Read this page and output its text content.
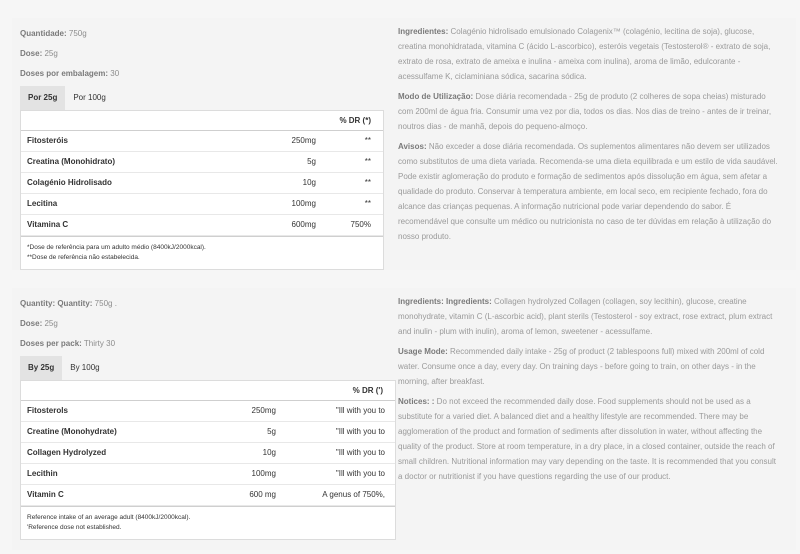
Quantidade: 750g
Dose: 25g
Doses por embalagem: 30
Por 25g	Por 100g
% DR (*)
Fitosteróis	250mg	**
Creatina (Monohidrato)	5g	**
Colagénio Hidrolisado	10g	**
Lecitina	100mg	**
Vitamina C	600mg	750%
*Dose de referência para um adulto médio (8400kJ/2000kcal).
**Dose de referência não estabelecida.

Ingredientes: Colagénio hidrolisado emulsionado Colagenix™ (colagénio, lecitina de soja), glucose, creatina monohidratada, vitamina C (ácido L-ascorbico), esteróis vegetais (Testosterol® - extrato de soja, extrato de rosa, extrato de ameixa e inulina - ameixa com inulina), aroma de limão, edulcorante - acessulfame K, ciclaminiana sódica, sacarina sódica.

Modo de Utilização: Dose diária recomendada - 25g de produto (2 colheres de sopa cheias) misturado com 200ml de água fria. Consumir uma vez por dia, todos os dias. Nos dias de treino - antes de ir treinar, noutros dias - de manhã, depois do pequeno-almoço.

Avisos: Não exceder a dose diária recomendada. Os suplementos alimentares não devem ser utilizados como substitutos de uma dieta variada. Recomenda-se uma dieta equilibrada e um estilo de vida saudável. Pode existir aglomeração do produto e formação de sedimentos após dissolução em água, sem afetar a qualidade do produto. Conservar à temperatura ambiente, em local seco, em recipiente fechado, fora do alcance das crianças pequenas. A informação nutricional pode variar dependendo do sabor. É recomendável que consulte um médico ou nutricionista no caso de ter dúvidas em relação à utilização do nosso produto.

Quantity: Quantity: 750g .
Dose: 25g
Doses per pack: Thirty 30
By 25g	By 100g
% DR (')
Fitosterols	250mg	"Ill with you to
Creatine (Monohydrate)	5g	"Ill with you to
Collagen Hydrolyzed	10g	"Ill with you to
Lecithin	100mg	"Ill with you to
Vitamin C	600 mg	A genus of 750%,
Reference intake of an average adult (8400kJ/2000kcal).
'Reference dose not established.

Ingredients: Ingredients: Collagen hydrolyzed Collagen (collagen, soy lecithin), glucose, creatine monohydrate, vitamin C (L-ascorbic acid), plant sterils (Testosterol - soy extract, rose extract, plum extract and inulin - plum with inulin), aroma of lemon, sweetener - acessulfame.

Usage Mode: Recommended daily intake - 25g of product (2 tablespoons full) mixed with 200ml of cold water. Consume once a day, every day. On training days - before going to train, on other days - in the morning, after breakfast.

Notices: : Do not exceed the recommended daily dose. Food supplements should not be used as a substitute for a varied diet. A balanced diet and a healthy lifestyle are recommended. There may be agglomeration of the product and formation of sediments after dissolution in water, without affecting the quality of the product. Store at room temperature, in a dry place, in a closed container, outside the reach of small children. Nutritional information may vary depending on the taste. It is recommended that you consult a doctor or nutritionist if you have questions regarding the use of our product.
